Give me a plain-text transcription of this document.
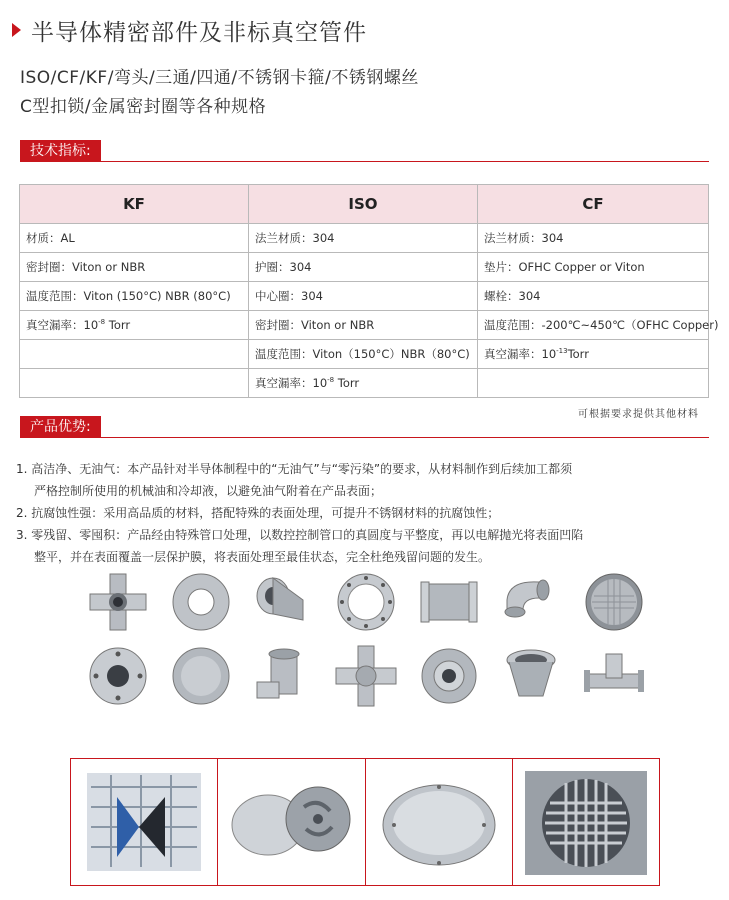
半导体精密部件及非标真空管件
ISO/CF/KF/弯头/三通/四通/不锈钢卡箍/不锈钢螺丝
C型扣锁/金属密封圈等各种规格
技术指标:
KF	ISO	CF
材质：AL	法兰材质：304	法兰材质：304
密封圈：Viton or NBR	护圈：304	垫片：OFHC Copper or Viton
温度范围：Viton (150°C) NBR (80°C)	中心圈：304	螺栓：304
真空漏率：$10^{-8}$ Torr	密封圈：Viton or NBR	温度范围：-200℃~450℃（OFHC Copper)
	温度范围：Viton（150°C）NBR（80°C)	真空漏率：$10^{-13}Torr$
	真空漏率：$10^{-8}$ Torr	
可根据要求提供其他材料
产品优势:
1. 高洁净、无油气：本产品针对半导体制程中的“无油气”与“零污染”的要求，从材料制作到后续加工都须
严格控制所使用的机械油和冷却液，以避免油气附着在产品表面；
2. 抗腐蚀性强：采用高品质的材料，搭配特殊的表面处理，可提升不锈钢材料的抗腐蚀性；
3. 零残留、零囤积：产品经由特殊管口处理，以数控控制管口的真圆度与平整度，再以电解抛光将表面凹陷
整平，并在表面覆盖一层保护膜，将表面处理至最佳状态，完全杜绝残留问题的发生。
